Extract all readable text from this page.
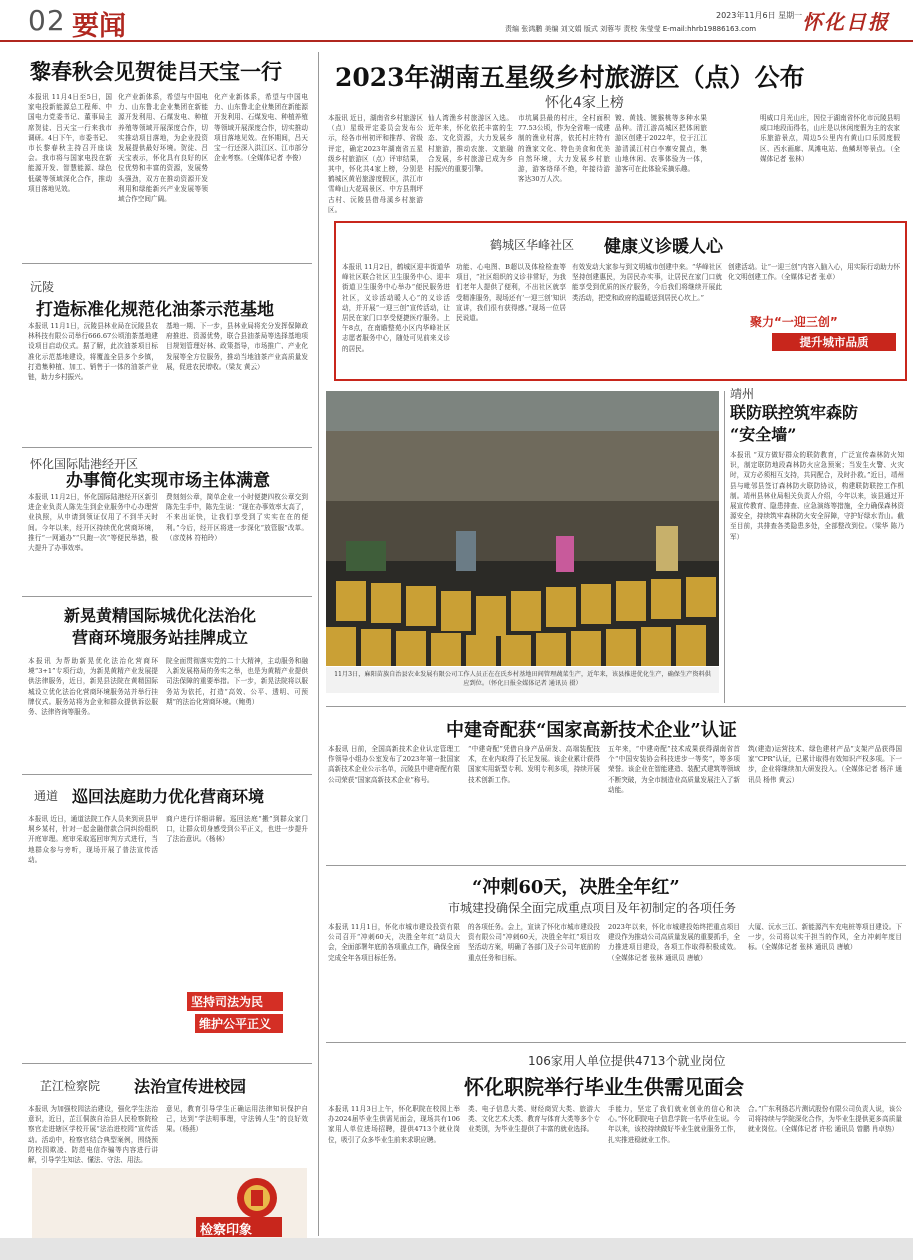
02 要闻	责编 张鸿鹏 美编 刘文娟 版式 刘蓉岑 责校 朱莹莹 E-mail:hhrb19886163.com
2023年11月6日 星期一 怀化日报
黎春秋会见贺徒吕天宝一行
本报讯 11月4日至5日，国家电投新能源总工程师、中国电力党委书记、董事局主席贺徒、吕天宝一行来我市调研。4日下午，市委书记、市长黎春秋主持召开座谈会。我市将与国家电投在新能源开发、智慧能源、绿色低碳等领域深化合作，推动项目落地见效。
化产业新体系，希望与中国电力、山东鲁北企业集团在新能源开发利用、石煤发电、种植养殖等领域开展深度合作，切实推动项目落地，为企业投资发展提供最好环境。贺徒、吕天宝表示，怀化具有良好的区位优势和丰富的资源，发展势头强劲，双方在推动资源开发利用和绿能新兴产业发展等领域合作空间广阔。
化产业新体系，希望与中国电力、山东鲁北企业集团在新能源开发利用、石煤发电、种植养殖等领域开展深度合作，切实推动项目落地见效。在怀期间，吕天宝一行还深入洪江区、江市部分企业考察。（全媒体记者 李俊）
沅陵
打造标准化规范化油茶示范基地
本报讯 11月1日，沅陵县林业局在沅陵县农林科技有限公司举行666.67公顷油茶基地建设项目启动仪式。据了解，此次油茶项目标准化示范基地建设，将覆盖全县多个乡镇，打造集种植、加工、销售于一体的油茶产业链，助力乡村振兴。
基地一期、下一步，县林业局将充分发挥保障政府推进、资源优势，联合县油茶局等选择基地项目规划管理好林、政策指导，市场推广、产业化发展等全方位服务，推动当地油茶产业高质量发展，促进农民增收。（梁友 黄云）
怀化国际陆港经开区
办事简化实现市场主体满意
本报讯 11月2日，怀化国际陆港经开区新引进企业负责人陈先生到企业服务中心办理营业执照，从申请到领证仅用了不到半天时间。今年以来，经开区持续优化营商环境，推行“一网通办”“只跑一次”等便民举措，极大提升了办事效率。
费刻刻公章，简单企业一小时便捷四枚公章交到陈先生手中，陈先生说：“现在办事效率太高了，不来出证快，让我们享受到了实实在在的便利。”今后，经开区将进一步深化“放管服”改革。（彦茂林 符柏玲）
新晃黄精国际城优化法治化
营商环境服务站挂牌成立
本报讯 为帮助新晃优化法治化营商环境“3+1”专项行动，为新晃黄精产业发展提供法律服务，近日，新晃县法院在黄精国际城设立优化法治化营商环境服务站并举行挂牌仪式。服务站将为企业和群众提供诉讼服务、法律咨询等服务。
院全面贯彻落实党的二十大精神，主动服务和融入新发展格局的务实之举，也是为黄精产业提供司法保障的重要举措。下一步，新晃法院将以服务站为依托，打造“高效、公平、透明、可预期”的法治化营商环境。（鲍勇）
通道 巡回法庭助力优化营商环境
本报讯 近日，通道法院工作人员来到贡县甲垌乡某村，针对一起金融借款合同纠纷组织开庭审理。庭审采取巡回审判方式进行，当地群众参与旁听，现场开展了普法宣传活动。
商户进行详细讲解。巡回法庭“搬”到群众家门口，让群众切身感受到公平正义，也进一步提升了法治意识。（杨林）
坚持司法为民
维护公平正义
芷江检察院 法治宣传进校园
本报讯 为加强校园法治建设，强化学生法治意识，近日，芷江侗族自治县人民检察院检察官走进辖区学校开展“法治进校园”宣传活动。活动中，检察官结合典型案例，围绕预防校园欺凌、防范电信诈骗等内容进行讲解，引导学生知法、懂法、守法、用法。
意见，教育引导学生正确运用法律知识保护自己，达到“学法明事理，守法铸人生”的良好效果。（杨燕）
检察印象
2023年湖南五星级乡村旅游区（点）公布
怀化4家上榜
本报讯 近日，湖南省乡村旅游区（点）星级评定委员会发布公示，经各市州初评和推荐、省级评定，确定2023年湖南省五星级乡村旅游区（点）评审结果，其中，怀化共4家上榜，分别是鹤城区黄岩旅游度假区，洪江市雪峰山大花瑶景区、中方县荆坪古村、沅陵县借母溪乡村旅游区。
仙人湾渔乡村旅游区入选。近年来，怀化依托丰富的生态、文化资源，大力发展乡村旅游，推动农旅、文旅融合发展，乡村旅游已成为乡村振兴的重要引擎。
市坑属县最的村庄，全村面积77.53公顷，作为全省唯一成建制的渔业村落，依托村庄特有的渔家文化、特色美食和优美自然环境，大力发展乡村旅游，游客络绎不绝，年接待游客达30万人次。
镀、黄钱、镀猴桃等多种水果品种。清江游高城区把体闲旅游区创建于2022年，位于江江游清溪江村白李寨安置点，集山地休闲、农事体验为一体，游客可在此体验采摘乐趣。
明威口月光山庄，因位于湖南省怀化市沅陵县明威口地段而得名，山庄是以休闲度假为主的农家乐旅游景点，周边5公里内有黄山口乐园度假区、西水画廊、凤滩电站、鱼鳞坝等景点。（全媒体记者 张林）
鹤城区华峰社区 健康义诊暖人心
本报讯 11月2日，鹤城区迎丰街道华峰社区联合社区卫生服务中心、迎丰街道卫生服务中心举办“便民服务进社区，义诊活动暖人心”的义诊活动，并开展“一迎三创”宣传活动，让居民在家门口享受便捷医疗服务。上午8点，在南瞻整苑小区内华峰社区志愿者服务中心，随处可见前来义诊的居民。
功能、心电图、B超以及体检检查等项目，“社区组织的义诊非常好，为我们老年人提供了便利，不出社区就享受精准服务，现场还有‘一迎三创’知识宣讲，我们很有获得感。”现场一位居民说道。
有效发动大家参与到文明城市创建中来。“华峰社区坚持创建惠民，为居民办实事，让居民在家门口就能享受到优质的医疗服务，今后我们将继续开展此类活动，把党和政府的温暖送到居民心坎上。”
创建活动。让“一迎三创”内容入脑入心，用实际行动助力怀化文明创建工作。（全媒体记者 张卓）
聚力“一迎三创”
提升城市品质
11月3日，麻阳苗族自治县农业发展有限公司工作人员正在在氏乡村基地田间管理蔬菜生产，近年来，该县推进优化生产，确保生产资料供应到位。（怀化日报全媒体记者 通讯员 摄）
靖州
联防联控筑牢森防
“安全墙”
本报讯 “双方做好群众的联防教育，广泛宣传森林防火知识，制定联防地段森林防火应急预案；当发生火警、火灾时，双方必须相互支持，共同配合，及时扑救。”近日，靖州县与毗邻县签订森林防火联防协议，构建联防联控工作机制。靖州县林业局相关负责人介绍，今年以来，该县通过开展宣传教育、隐患排查、应急演练等措施，全力确保森林资源安全，持续筑牢森林防火安全屏障，守护好绿水青山。截至目前，共排查各类隐患多处，全部整改到位。（梁华 陈乃军）
中建奇配获“国家高新技术企业”认证
本报讯 日前，全国高新技术企业认定管理工作领导小组办公室发布了2023年第一批国家高新技术企业公示名单，沅陵县中建奇配有限公司荣获“国家高新技术企业”称号。
“中建奇配”凭借自身产品研发、高端装配技术，在业内取得了长足发展。该企业累计获得国家实用新型专利、发明专利多项，持续开展技术创新工作。
五年来，“中建奇配”技术成果获得湖南省首个“中国安装协会科技进步一等奖”，等多项荣誉。该企业在智能建造、装配式建筑等领域不断突破，为全市制造业高质量发展注入了新动能。
筑(建造)运营技术、绿色建材产品”支架产品获得国家“CPR”认证，已累计取得有效知识产权多项。下一步，企业将继续加大研发投入。（全媒体记者 杨洋 通讯员 杨伟 黄云）
“冲刺60天，决胜全年红”
市城建投确保全面完成重点项目及年初制定的各项任务
本报讯 11月1日，怀化市城市建设投资有限公司召开“冲刺60天，决胜全年红”动员大会，全面部署年底前各项重点工作，确保全面完成全年各项目标任务。
的各项任务。会上，宣读了怀化市城市建设投资有限公司“冲刺60天，决胜全年红”项目攻坚活动方案，明确了各部门及子公司年底前的重点任务和目标。
2023年以来，怀化市城建投始终把重点项目建设作为推动公司高质量发展的重要抓手，全力推进项目建设，各项工作取得积极成效。（全媒体记者 张林 通讯员 唐敏）
大厦、沅水三江、新能源汽车充电桩等项目建设。下一步，公司将以实干担当的作风，全力冲刺年度目标。（全媒体记者 张林 通讯员 唐敏）
106家用人单位提供4713个就业岗位
怀化职院举行毕业生供需见面会
本报讯 11月3日上午，怀化职院在校园上举办2024届毕业生供需见面会，现场共有106家用人单位进场招聘，提供4713个就业岗位，吸引了众多毕业生前来求职应聘。
类、电子信息大类、财经商贸大类、旅游大类、文化艺术大类、教育与体育大类等多个专业类别，为毕业生提供了丰富的就业选择。
手能力，坚定了我们就业创业的信心和决心。”怀化职院电子信息学院一名毕业生说。今年以来，该校持续做好毕业生就业服务工作，扎实推进稳就业工作。
合。”广东利扬芯片测试股份有限公司负责人说，该公司将持续与学院深化合作，为毕业生提供更多高质量就业岗位。（全媒体记者 许松 通讯员 曾鹏 肖卓热）
